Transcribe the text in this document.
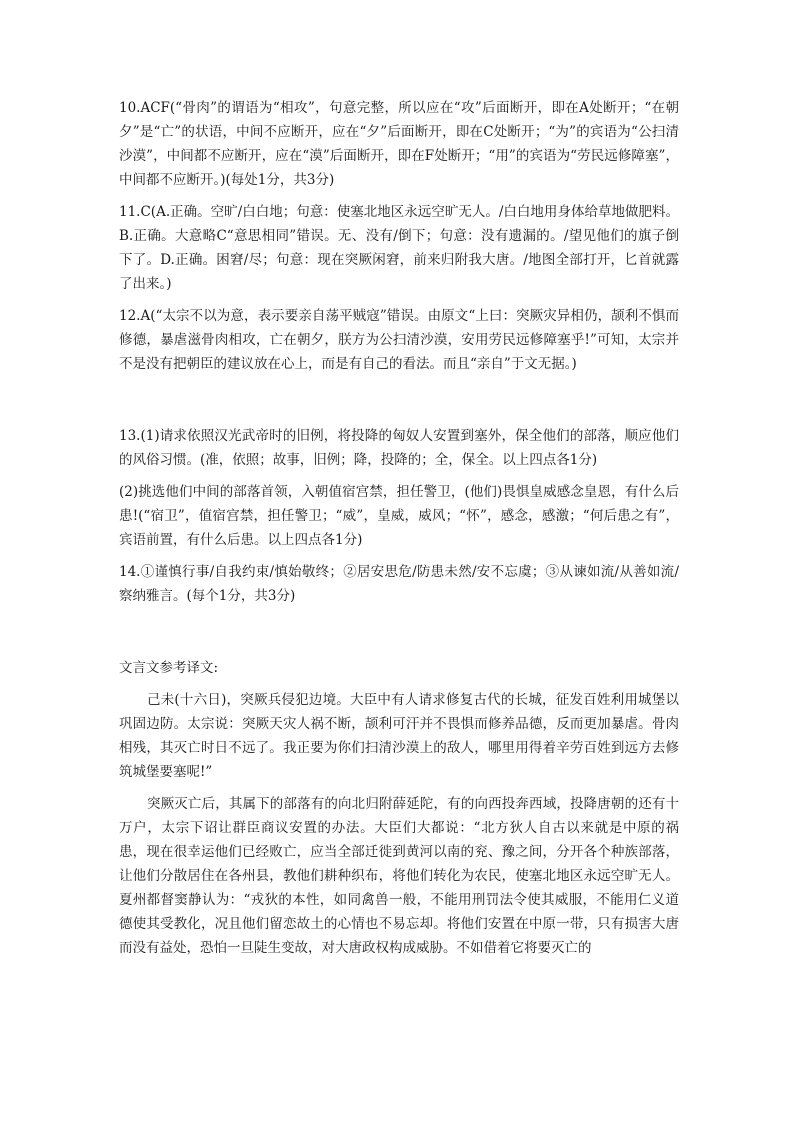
10.ACF(“骨肉”的谓语为“相攻”，句意完整，所以应在“攻”后面断开，即在A处断开；“在朝夕”是“亡”的状语，中间不应断开，应在“夕”后面断开，即在C处断开；“为”的宾语为“公扫清沙漠”，中间都不应断开，应在“漠”后面断开，即在F处断开；“用”的宾语为“劳民远修障塞”，中间都不应断开。)(每处1分，共3分)

11.C(A.正确。空旷/白白地；句意：使塞北地区永远空旷无人。/白白地用身体给草地做肥料。B.正确。大意略C“意思相同”错误。无、没有/倒下；句意：没有遗漏的。/望见他们的旗子倒下了。D.正确。困窘/尽；句意：现在突厥闲窘，前来归附我大唐。/地图全部打开，匕首就露了出来。)

12.A(“太宗不以为意，表示要亲自荡平贼寇”错误。由原文“上曰：突厥灾异相仍，颉利不惧而修德，暴虐滋骨肉相攻，亡在朝夕，朕方为公扫清沙漠，安用劳民远修障塞乎!”可知，太宗并不是没有把朝臣的建议放在心上，而是有自己的看法。而且“亲自”于文无据。)

13.(1)请求依照汉光武帝时的旧例，将投降的匈奴人安置到塞外，保全他们的部落，顺应他们的风俗习惯。(准，依照；故事，旧例；降，投降的；全，保全。以上四点各1分)

(2)挑选他们中间的部落首领，入朝值宿宫禁，担任警卫，(他们)畏惧皇威感念皇恩，有什么后患!(“宿卫”，值宿宫禁，担任警卫；“威”，皇威，威风；“怀”，感念，感激；“何后患之有”，宾语前置，有什么后患。以上四点各1分)

14.①谨慎行事/自我约束/慎始敬终；②居安思危/防患未然/安不忘虞；③从谏如流/从善如流/察纳雅言。(每个1分，共3分)

文言文参考译文:

己未(十六日)，突厥兵侵犯边境。大臣中有人请求修复古代的长城，征发百姓利用城堡以巩固边防。太宗说：突厥天灾人祸不断，颉利可汗并不畏惧而修养品德，反而更加暴虐。骨肉相残，其灭亡时日不远了。我正要为你们扫清沙漠上的敌人，哪里用得着辛劳百姓到远方去修筑城堡要塞呢!”

突厥灭亡后，其属下的部落有的向北归附薛延陀，有的向西投奔西域，投降唐朝的还有十万户，太宗下诏让群臣商议安置的办法。大臣们大都说：“北方狄人自古以来就是中原的祸患，现在很幸运他们已经败亡，应当全部迁徙到黄河以南的兖、豫之间，分开各个种族部落，让他们分散居住在各州县，教他们耕种织布，将他们转化为农民，使塞北地区永远空旷无人。夏州都督窦静认为：“戎狄的本性，如同禽兽一般，不能用刑罚法令使其威服，不能用仁义道德使其受教化，况且他们留恋故土的心情也不易忘却。将他们安置在中原一带，只有损害大唐而没有益处，恐怕一旦陡生变故，对大唐政权构成威胁。不如借着它将要灭亡的
